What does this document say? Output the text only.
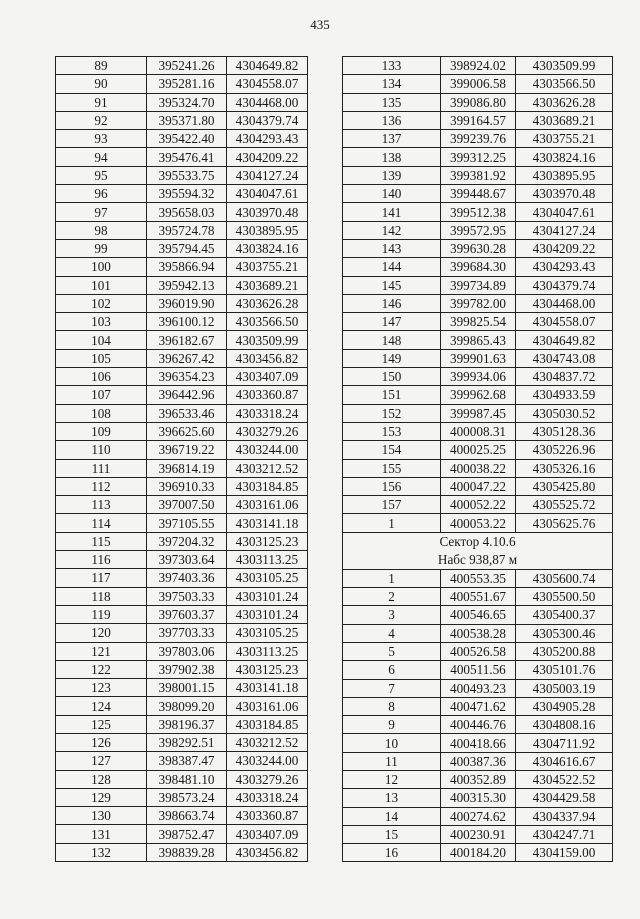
435
89	395241.26	4304649.82
90	395281.16	4304558.07
91	395324.70	4304468.00
92	395371.80	4304379.74
93	395422.40	4304293.43
94	395476.41	4304209.22
95	395533.75	4304127.24
96	395594.32	4304047.61
97	395658.03	4303970.48
98	395724.78	4303895.95
99	395794.45	4303824.16
100	395866.94	4303755.21
101	395942.13	4303689.21
102	396019.90	4303626.28
103	396100.12	4303566.50
104	396182.67	4303509.99
105	396267.42	4303456.82
106	396354.23	4303407.09
107	396442.96	4303360.87
108	396533.46	4303318.24
109	396625.60	4303279.26
110	396719.22	4303244.00
111	396814.19	4303212.52
112	396910.33	4303184.85
113	397007.50	4303161.06
114	397105.55	4303141.18
115	397204.32	4303125.23
116	397303.64	4303113.25
117	397403.36	4303105.25
118	397503.33	4303101.24
119	397603.37	4303101.24
120	397703.33	4303105.25
121	397803.06	4303113.25
122	397902.38	4303125.23
123	398001.15	4303141.18
124	398099.20	4303161.06
125	398196.37	4303184.85
126	398292.51	4303212.52
127	398387.47	4303244.00
128	398481.10	4303279.26
129	398573.24	4303318.24
130	398663.74	4303360.87
131	398752.47	4303407.09
132	398839.28	4303456.82
133	398924.02	4303509.99
134	399006.58	4303566.50
135	399086.80	4303626.28
136	399164.57	4303689.21
137	399239.76	4303755.21
138	399312.25	4303824.16
139	399381.92	4303895.95
140	399448.67	4303970.48
141	399512.38	4304047.61
142	399572.95	4304127.24
143	399630.28	4304209.22
144	399684.30	4304293.43
145	399734.89	4304379.74
146	399782.00	4304468.00
147	399825.54	4304558.07
148	399865.43	4304649.82
149	399901.63	4304743.08
150	399934.06	4304837.72
151	399962.68	4304933.59
152	399987.45	4305030.52
153	400008.31	4305128.36
154	400025.25	4305226.96
155	400038.22	4305326.16
156	400047.22	4305425.80
157	400052.22	4305525.72
1	400053.22	4305625.76
Сектор 4.10.6		
Набс 938,87 м		
1	400553.35	4305600.74
2	400551.67	4305500.50
3	400546.65	4305400.37
4	400538.28	4305300.46
5	400526.58	4305200.88
6	400511.56	4305101.76
7	400493.23	4305003.19
8	400471.62	4304905.28
9	400446.76	4304808.16
10	400418.66	4304711.92
11	400387.36	4304616.67
12	400352.89	4304522.52
13	400315.30	4304429.58
14	400274.62	4304337.94
15	400230.91	4304247.71
16	400184.20	4304159.00
